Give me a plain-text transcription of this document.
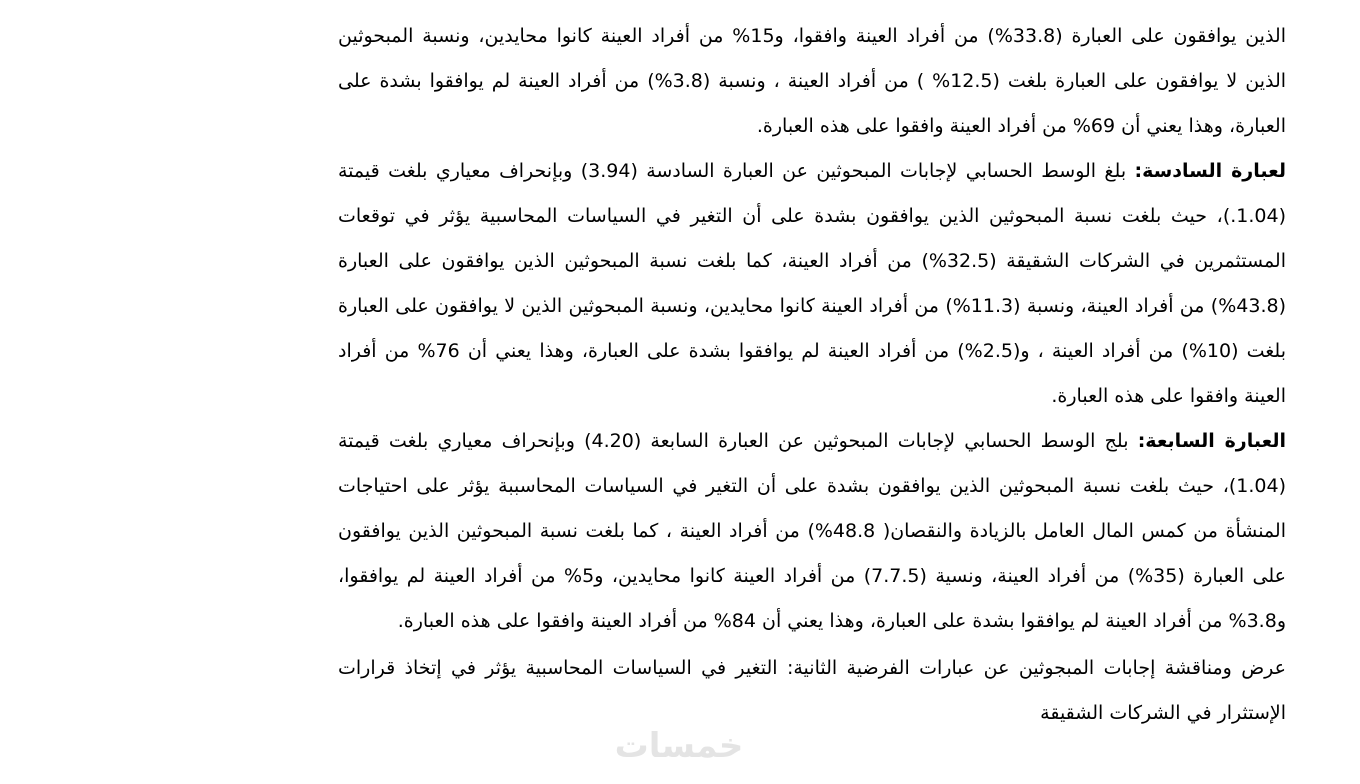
الذين يوافقون على العبارة (33.8%) من أفراد العينة وافقوا، و15% من أفراد العينة كانوا محايدين، ونسبة المبحوثين الذين لا يوافقون على العبارة بلغت (12.5% ) من أفراد العينة ، ونسبة (3.8%) من أفراد العينة لم يوافقوا بشدة على العبارة، وهذا يعني أن 69% من أفراد العينة وافقوا على هذه العبارة.

لعبارة السادسة: بلغ الوسط الحسابي لإجابات المبحوثين عن العبارة السادسة (3.94) وبإنحراف معياري بلغت قيمتة (1.04.)، حيث بلغت نسبة المبحوثين الذين يوافقون بشدة على أن التغير في السياسات المحاسبية يؤثر في توقعات المستثمرين في الشركات الشقيقة (32.5%) من أفراد العينة، كما بلغت نسبة المبحوثين الذين يوافقون على العبارة (43.8%) من أفراد العينة، ونسبة (11.3%) من أفراد العينة كانوا محايدين، ونسبة المبحوثين الذين لا يوافقون على العبارة بلغت (10%) من أفراد العينة ، و(2.5%) من أفراد العينة لم يوافقوا بشدة على العبارة، وهذا يعني أن 76% من أفراد العينة وافقوا على هذه العبارة.

العبارة السابعة: بلج الوسط الحسابي لإجابات المبحوثين عن العبارة السابعة (4.20) وبإنحراف معياري بلغت قيمتة (1.04)، حيث بلغت نسبة المبحوثين الذين يوافقون بشدة على أن التغير في السياسات المحاسببة يؤثر على احتياجات المنشأة من كمس المال العامل بالزيادة والنقصان( 48.8%) من أفراد العينة ، كما بلغت نسبة المبحوثين الذين يوافقون على العبارة (35%) من أفراد العينة، ونسية (7.7.5) من أفراد العينة كانوا محايدين، و5% من أفراد العينة لم يوافقوا، و3.8% من أفراد العينة لم يوافقوا بشدة على العبارة، وهذا يعني أن 84% من أفراد العينة وافقوا على هذه العبارة.

عرض ومناقشة إجابات المبجوثين عن عبارات الفرضية الثانية: التغير في السياسات المحاسبية يؤثر في إتخاذ قرارات الإستثرار في الشركات الشقيقة

خمسات
